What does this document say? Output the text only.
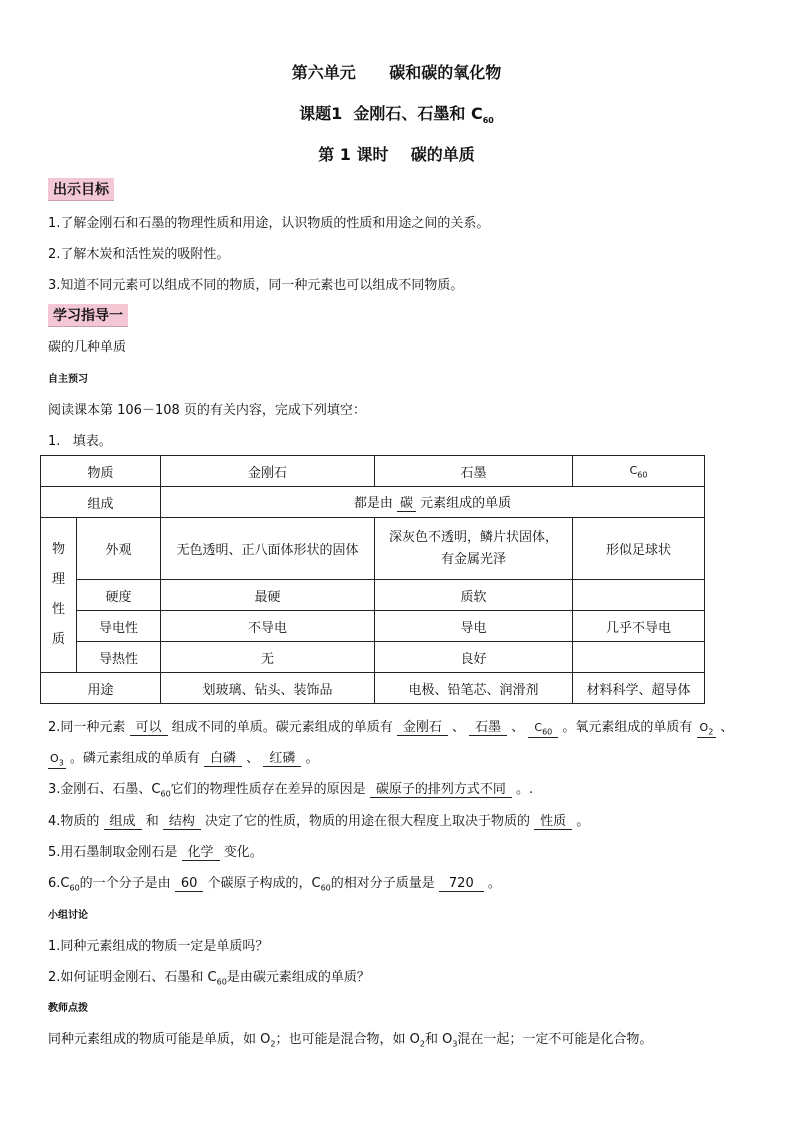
第六单元      碳和碳的氧化物
课题1  金刚石、石墨和 $C_{60}$
第 1 课时    碳的单质
出示目标
1.了解金刚石和石墨的物理性质和用途，认识物质的性质和用途之间的关系。
2.了解木炭和活性炭的吸附性。
3.知道不同元素可以组成不同的物质，同一种元素也可以组成不同物质。
学习指导一
碳的几种单质
自主预习
阅读课本第 106－108 页的有关内容，完成下列填空：
1.   填表。
物质		金刚石	石墨	$C_{60}$
组成		都是由 碳 元素组成的单质		
物
理
性
质	外观	无色透明、正八面体形状的固体	深灰色不透明，鳞片状固体，
有金属光泽	形似足球状
	硬度	最硬	质软	
	导电性	不导电	导电	几乎不导电
	导热性	无	良好	
用途		划玻璃、钻头、装饰品	电极、铅笔芯、润滑剂	材料科学、超导体
2.同一种元素 可以 组成不同的单质。碳元素组成的单质有 金刚石 、 石墨 、 $C_{60}$ 。氧元素组成的单质有 $O_2$ 、
$O_3$ 。磷元素组成的单质有 白磷 、 红磷 。
3.金刚石、石墨、$C_{60}$它们的物理性质存在差异的原因是 碳原子的排列方式不同 。.
4.物质的 组成 和 结构 决定了它的性质，物质的用途在很大程度上取决于物质的 性质 。
5.用石墨制取金刚石是 化学 变化。
$6.C_{60}$的一个分子是由 60 个碳原子构成的，$C_{60}$的相对分子质量是 720 。
小组讨论
1.同种元素组成的物质一定是单质吗？
2.如何证明金刚石、石墨和 $C_{60}$是由碳元素组成的单质？
教师点拨
同种元素组成的物质可能是单质，如 $O_2$；也可能是混合物，如 $O_2$和 $O_3$混在一起；一定不可能是化合物。
